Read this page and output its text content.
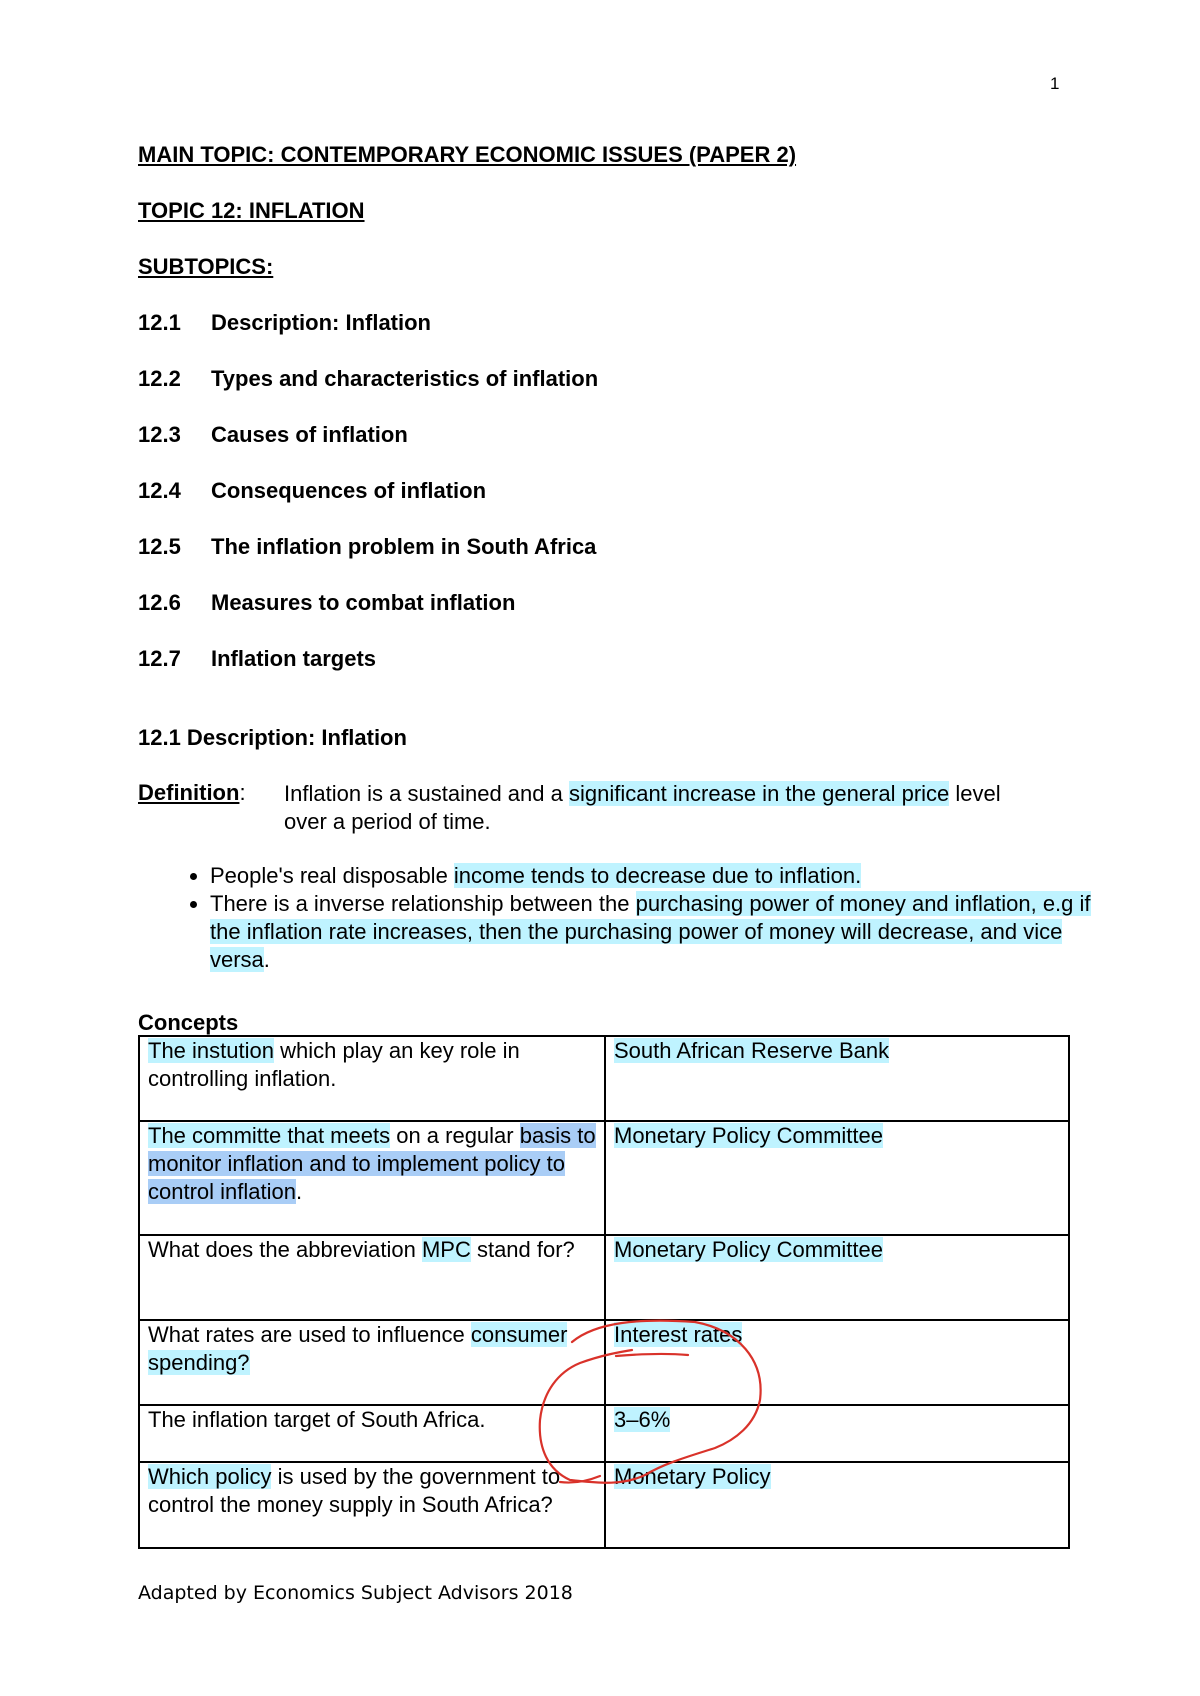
1
MAIN TOPIC: CONTEMPORARY ECONOMIC ISSUES (PAPER 2)
TOPIC 12: INFLATION
SUBTOPICS:
12.1 Description: Inflation
12.2 Types and characteristics of inflation
12.3 Causes of inflation
12.4 Consequences of inflation
12.5 The inflation problem in South Africa
12.6 Measures to combat inflation
12.7 Inflation targets
12.1 Description: Inflation
Definition: Inflation is a sustained and a significant increase in the general price level over a period of time.
• People's real disposable income tends to decrease due to inflation.
• There is a inverse relationship between the purchasing power of money and inflation, e.g if the inflation rate increases, then the purchasing power of money will decrease, and vice versa.
Concepts
The instution which play an key role in controlling inflation.	South African Reserve Bank
The committe that meets on a regular basis to monitor inflation and to implement policy to control inflation.	Monetary Policy Committee
What does the abbreviation MPC stand for?	Monetary Policy Committee
What rates are used to influence consumer spending?	Interest rates
The inflation target of South Africa.	3–6%
Which policy is used by the government to control the money supply in South Africa?	Monetary Policy
Adapted by Economics Subject Advisors 2018
